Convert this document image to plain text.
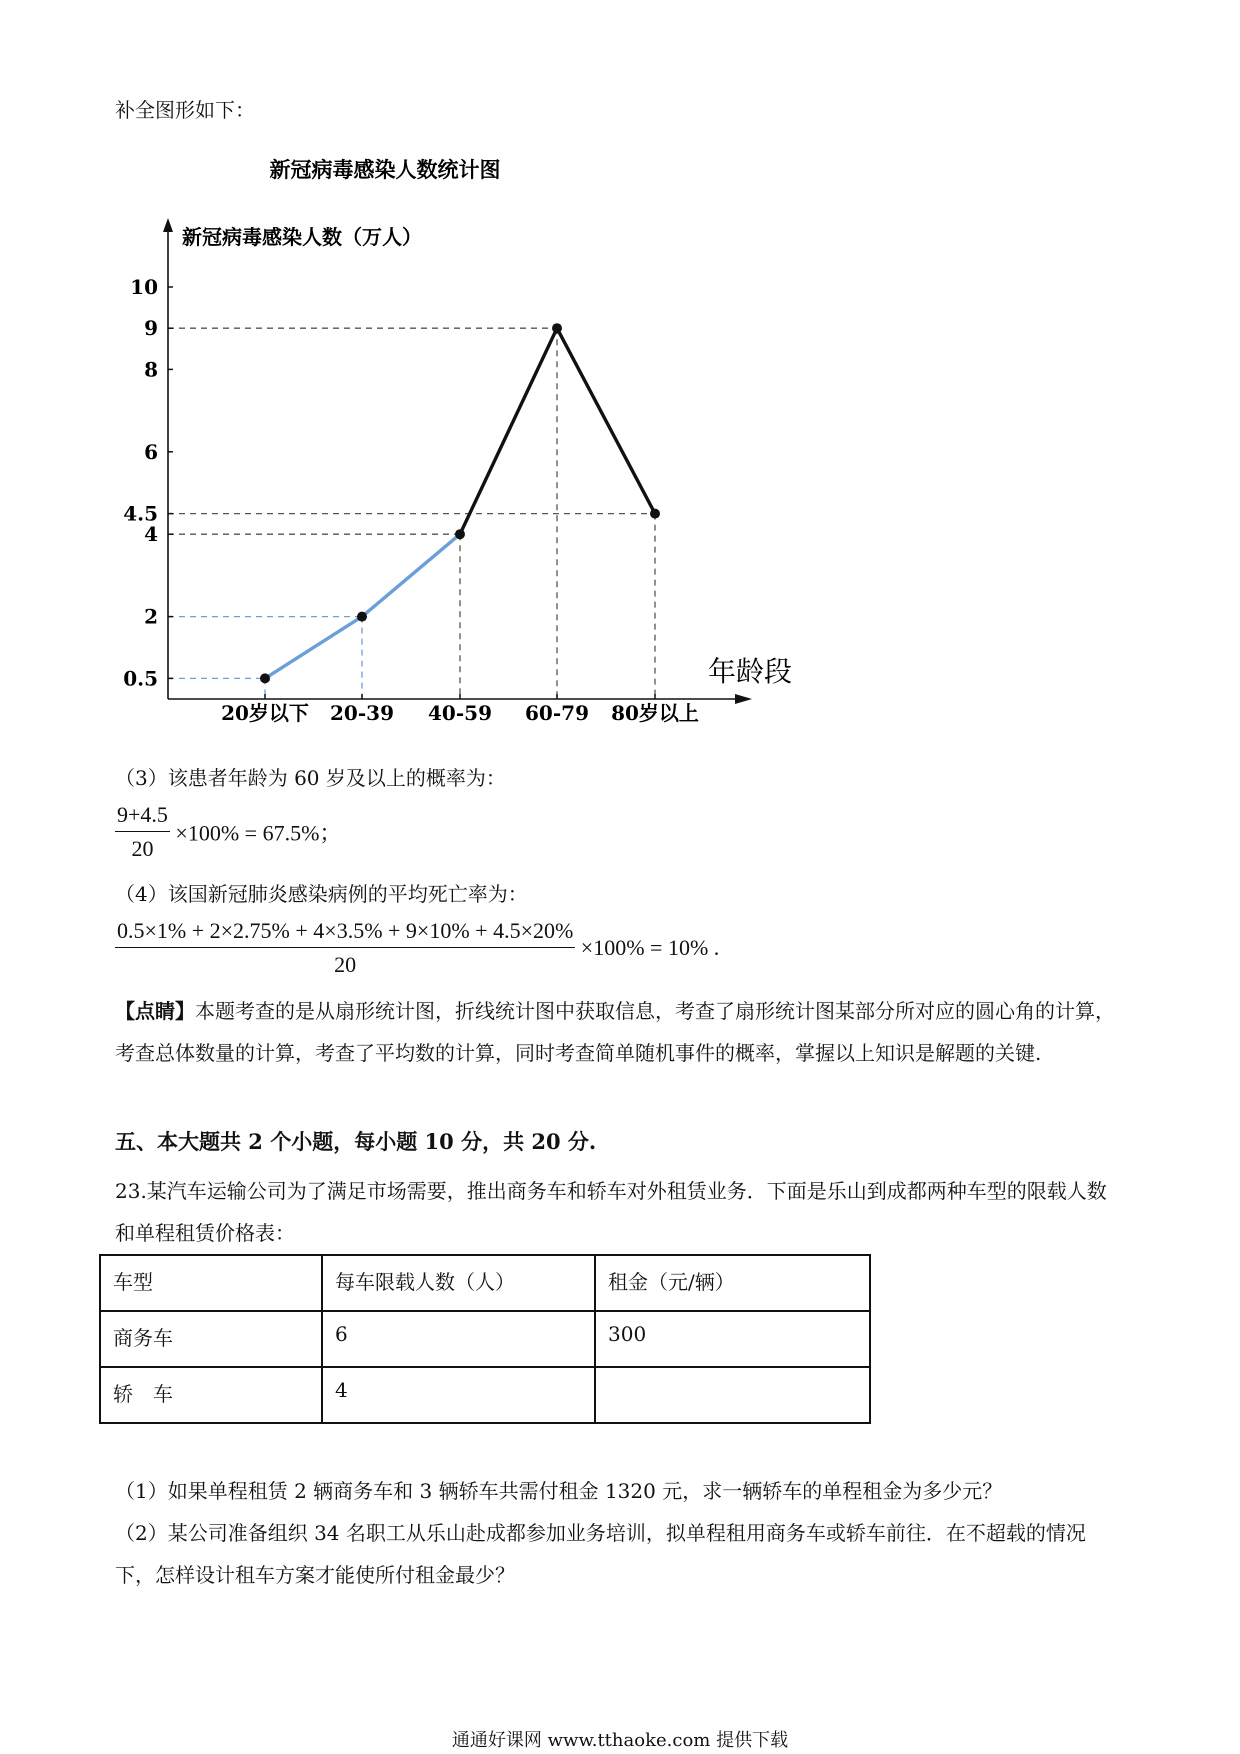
补全图形如下：
新冠病毒感染人数统计图
新冠病毒感染人数（万人）
年龄段
10
9
8
6
4.5
4
2
0.5
20岁以下 20-39 40-59 60-79 80岁以上
（3）该患者年龄为 60 岁及以上的概率为：
$\frac{9+4.5}{20} \times 100\% = 67.5\%$；
（4）该国新冠肺炎感染病例的平均死亡率为：
$\frac{0.5\times 1\% + 2\times 2.75\% + 4\times 3.5\% + 9\times 10\% + 4.5\times 20\%}{20} \times 100\% = 10\%$ .
【点睛】本题考查的是从扇形统计图，折线统计图中获取信息，考查了扇形统计图某部分所对应的圆心角的计算，考查总体数量的计算，考查了平均数的计算，同时考查简单随机事件的概率，掌握以上知识是解题的关键.
五、本大题共 2 个小题，每小题 10 分，共 20 分.
23.某汽车运输公司为了满足市场需要，推出商务车和轿车对外租赁业务．下面是乐山到成都两种车型的限载人数和单程租赁价格表：
车型	每车限载人数（人）	租金（元/辆）
商务车	6	300
轿　车	4	
（1）如果单程租赁 2 辆商务车和 3 辆轿车共需付租金 1320 元，求一辆轿车的单程租金为多少元？
（2）某公司准备组织 34 名职工从乐山赴成都参加业务培训，拟单程租用商务车或轿车前往．在不超载的情况下，怎样设计租车方案才能使所付租金最少？
通通好课网 www.tthaoke.com 提供下载
